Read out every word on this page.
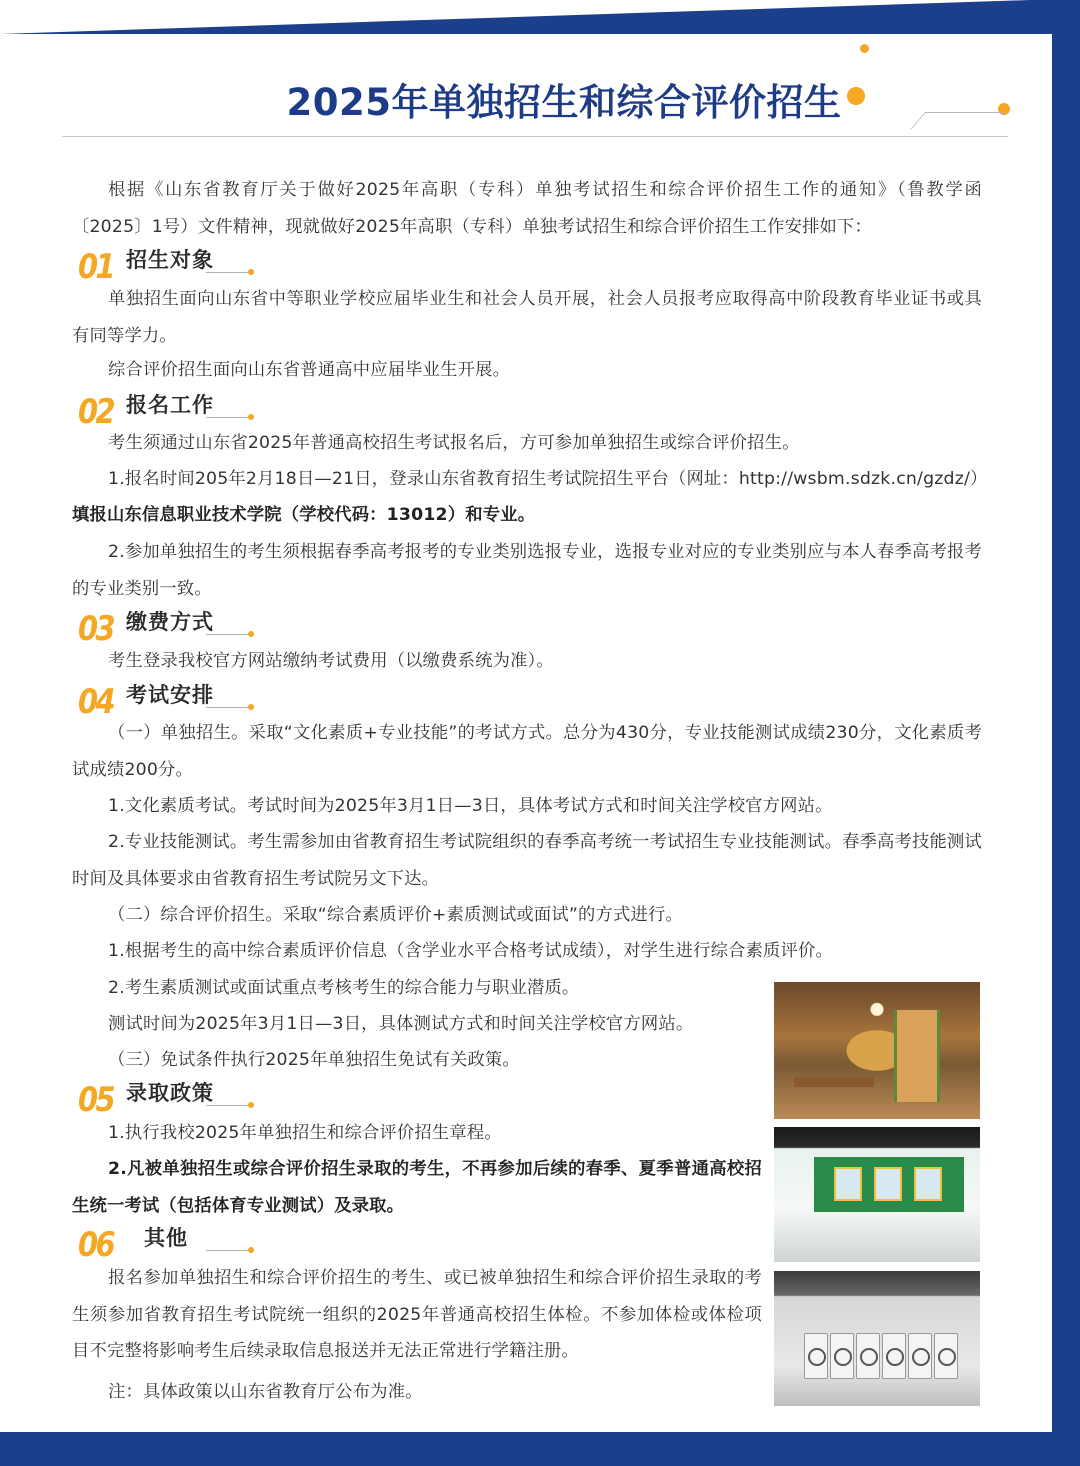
2025年单独招生和综合评价招生

根据《山东省教育厅关于做好2025年高职（专科）单独考试招生和综合评价招生工作的通知》（鲁教学函〔2025〕1号）文件精神，现就做好2025年高职（专科）单独考试招生和综合评价招生工作安排如下：

01 招生对象

单独招生面向山东省中等职业学校应届毕业生和社会人员开展，社会人员报考应取得高中阶段教育毕业证书或具有同等学力。

综合评价招生面向山东省普通高中应届毕业生开展。

02 报名工作

考生须通过山东省2025年普通高校招生考试报名后，方可参加单独招生或综合评价招生。

1.报名时间205年2月18日—21日，登录山东省教育招生考试院招生平台（网址：http://wsbm.sdzk.cn/gzdz/）

填报山东信息职业技术学院（学校代码：13012）和专业。

2.参加单独招生的考生须根据春季高考报考的专业类别选报专业，选报专业对应的专业类别应与本人春季高考报考的专业类别一致。

03 缴费方式

考生登录我校官方网站缴纳考试费用（以缴费系统为准）。

04 考试安排

（一）单独招生。采取“文化素质+专业技能”的考试方式。总分为430分，专业技能测试成绩230分，文化素质考试成绩200分。

1.文化素质考试。考试时间为2025年3月1日—3日，具体考试方式和时间关注学校官方网站。

2.专业技能测试。考生需参加由省教育招生考试院组织的春季高考统一考试招生专业技能测试。春季高考技能测试时间及具体要求由省教育招生考试院另文下达。

（二）综合评价招生。采取“综合素质评价+素质测试或面试”的方式进行。

1.根据考生的高中综合素质评价信息（含学业水平合格考试成绩），对学生进行综合素质评价。

2.考生素质测试或面试重点考核考生的综合能力与职业潜质。

测试时间为2025年3月1日—3日，具体测试方式和时间关注学校官方网站。

（三）免试条件执行2025年单独招生免试有关政策。

05 录取政策

1.执行我校2025年单独招生和综合评价招生章程。

2.凡被单独招生或综合评价招生录取的考生，不再参加后续的春季、夏季普通高校招生统一考试（包括体育专业测试）及录取。

06 其他

报名参加单独招生和综合评价招生的考生、或已被单独招生和综合评价招生录取的考生须参加省教育招生考试院统一组织的2025年普通高校招生体检。不参加体检或体检项目不完整将影响考生后续录取信息报送并无法正常进行学籍注册。

注：具体政策以山东省教育厅公布为准。
